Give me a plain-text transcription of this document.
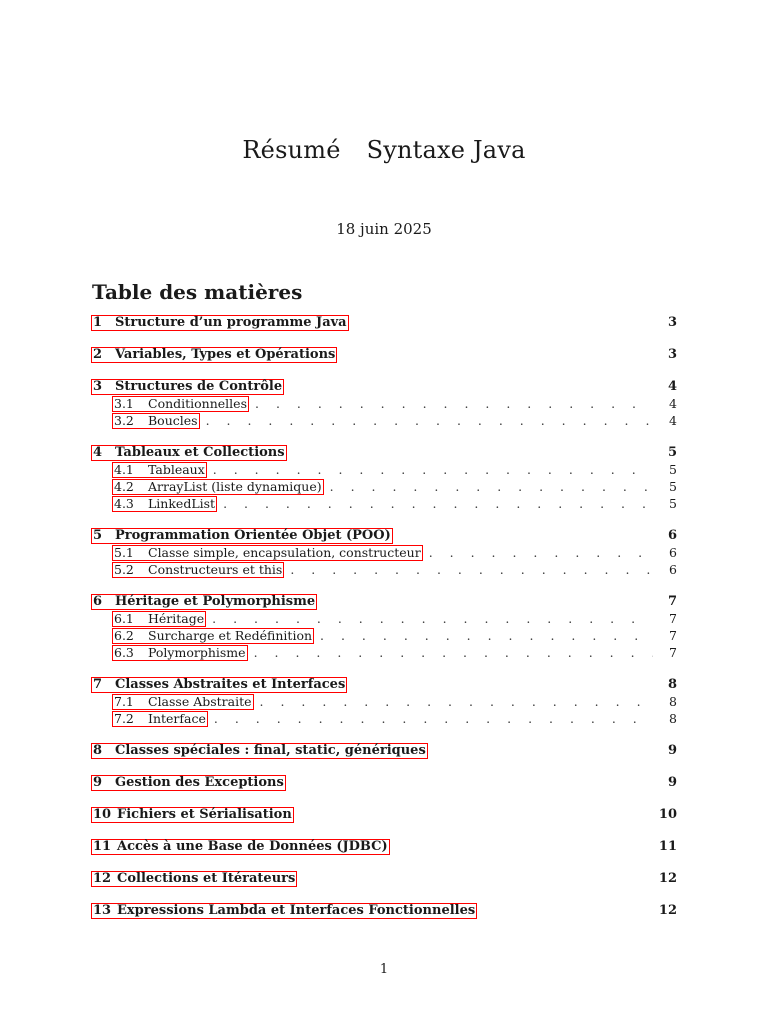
Résumé Syntaxe Java
18 juin 2025
Table des matières
1 Structure d’un programme Java	3
2 Variables, Types et Opérations	3
3 Structures de Contrôle	4
3.1 Conditionnelles . . .	4
3.2 Boucles . . .	4
4 Tableaux et Collections	5
4.1 Tableaux . . .	5
4.2 ArrayList (liste dynamique) . . .	5
4.3 LinkedList . . .	5
5 Programmation Orientée Objet (POO)	6
5.1 Classe simple, encapsulation, constructeur . . .	6
5.2 Constructeurs et this . . .	6
6 Héritage et Polymorphisme	7
6.1 Héritage . . .	7
6.2 Surcharge et Redéfinition . . .	7
6.3 Polymorphisme . . .	7
7 Classes Abstraites et Interfaces	8
7.1 Classe Abstraite . . .	8
7.2 Interface . . .	8
8 Classes spéciales : final, static, génériques	9
9 Gestion des Exceptions	9
10 Fichiers et Sérialisation	10
11 Accès à une Base de Données (JDBC)	11
12 Collections et Itérateurs	12
13 Expressions Lambda et Interfaces Fonctionnelles	12
1
